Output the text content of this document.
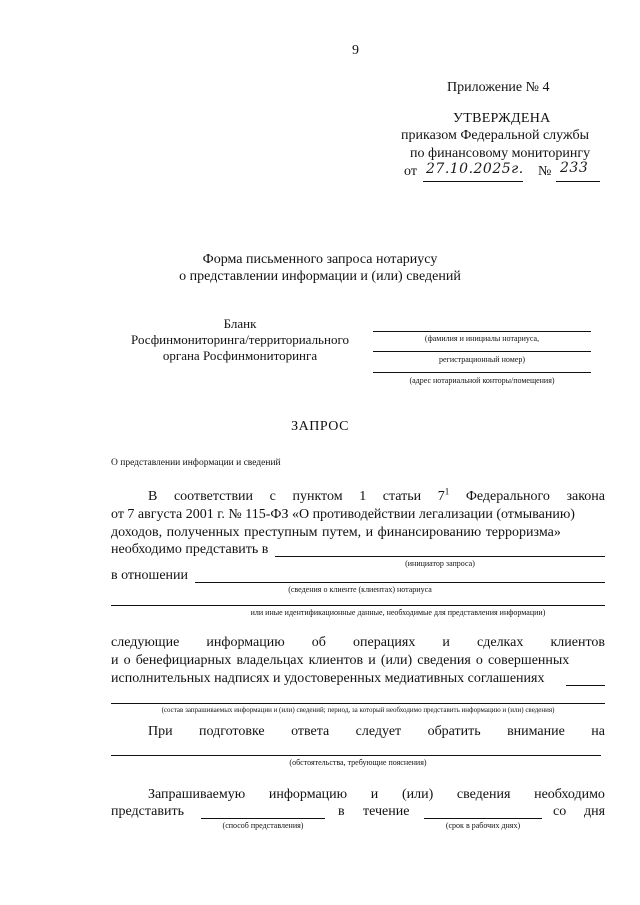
9
Приложение № 4
УТВЕРЖДЕНА
приказом Федеральной службы
по финансовому мониторингу
от 27.10.2025г. № 233
Форма письменного запроса нотариусу
о представлении информации и (или) сведений
Бланк
Росфинмониторинга/территориального
органа Росфинмониторинга
(фамилия и инициалы нотариуса,
регистрационный номер)
(адрес нотариальной конторы/помещения)
ЗАПРОС
О представлении информации и сведений
В соответствии с пунктом 1 статьи $7^1$ Федерального закона
от 7 августа 2001 г. № 115-ФЗ «О противодействии легализации (отмыванию)
доходов, полученных преступным путем, и финансированию терроризма»
необходимо представить в
(инициатор запроса)
в отношении
(сведения о клиенте (клиентах) нотариуса
или иные идентификационные данные, необходимые для представления информации)
следующие информацию об операциях и сделках клиентов
и о бенефициарных владельцах клиентов и (или) сведения о совершенных
исполнительных надписях и удостоверенных медиативных соглашениях
(состав запрашиваемых информации и (или) сведений; период, за который необходимо представить информацию и (или) сведения)
При подготовке ответа следует обратить внимание на
(обстоятельства, требующие пояснения)
Запрашиваемую информацию и (или) сведения необходимо
представить	в течение	со дня
(способ представления)	(срок в рабочих днях)
